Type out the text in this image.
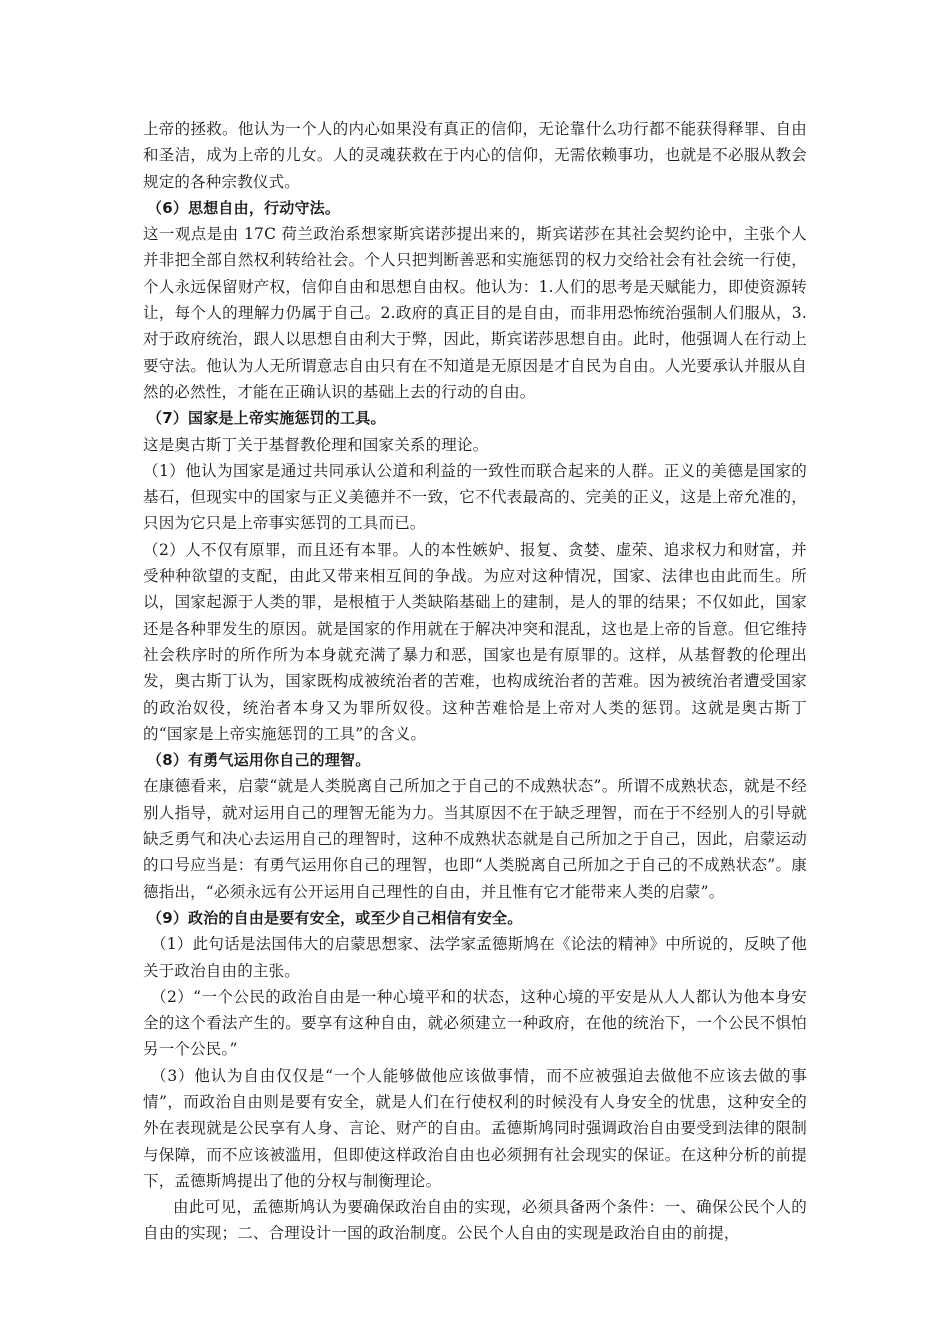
上帝的拯救。他认为一个人的内心如果没有真正的信仰，无论靠什么功行都不能获得释罪、自由和圣洁，成为上帝的儿女。人的灵魂获救在于内心的信仰，无需依赖事功，也就是不必服从教会规定的各种宗教仪式。

（6）思想自由，行动守法。

这一观点是由 17C 荷兰政治系想家斯宾诺莎提出来的，斯宾诺莎在其社会契约论中，主张个人并非把全部自然权利转给社会。个人只把判断善恶和实施惩罚的权力交给社会有社会统一行使，个人永远保留财产权，信仰自由和思想自由权。他认为：1.人们的思考是天赋能力，即使资源转让，每个人的理解力仍属于自己。2.政府的真正目的是自由，而非用恐怖统治强制人们服从，3.对于政府统治，跟人以思想自由利大于弊，因此，斯宾诺莎思想自由。此时，他强调人在行动上要守法。他认为人无所谓意志自由只有在不知道是无原因是才自民为自由。人光要承认并服从自然的必然性，才能在正确认识的基础上去的行动的自由。

（7）国家是上帝实施惩罚的工具。

这是奥古斯丁关于基督教伦理和国家关系的理论。

（1）他认为国家是通过共同承认公道和利益的一致性而联合起来的人群。正义的美德是国家的基石，但现实中的国家与正义美德并不一致，它不代表最高的、完美的正义，这是上帝允准的，只因为它只是上帝事实惩罚的工具而已。

（2）人不仅有原罪，而且还有本罪。人的本性嫉妒、报复、贪婪、虚荣、追求权力和财富，并受种种欲望的支配，由此又带来相互间的争战。为应对这种情况，国家、法律也由此而生。所以，国家起源于人类的罪，是根植于人类缺陷基础上的建制，是人的罪的结果；不仅如此，国家还是各种罪发生的原因。就是国家的作用就在于解决冲突和混乱，这也是上帝的旨意。但它维持社会秩序时的所作所为本身就充满了暴力和恶，国家也是有原罪的。这样，从基督教的伦理出发，奥古斯丁认为，国家既构成被统治者的苦难，也构成统治者的苦难。因为被统治者遭受国家的政治奴役，统治者本身又为罪所奴役。这种苦难恰是上帝对人类的惩罚。这就是奥古斯丁的“国家是上帝实施惩罚的工具”的含义。

（8）有勇气运用你自己的理智。

在康德看来，启蒙“就是人类脱离自己所加之于自己的不成熟状态”。所谓不成熟状态，就是不经别人指导，就对运用自己的理智无能为力。当其原因不在于缺乏理智，而在于不经别人的引导就缺乏勇气和决心去运用自己的理智时，这种不成熟状态就是自己所加之于自己，因此，启蒙运动的口号应当是：有勇气运用你自己的理智，也即“人类脱离自己所加之于自己的不成熟状态”。康德指出，“必须永远有公开运用自己理性的自由，并且惟有它才能带来人类的启蒙”。

（9）政治的自由是要有安全，或至少自己相信有安全。

（1）此句话是法国伟大的启蒙思想家、法学家孟德斯鸠在《论法的精神》中所说的，反映了他关于政治自由的主张。

（2）“一个公民的政治自由是一种心境平和的状态，这种心境的平安是从人人都认为他本身安全的这个看法产生的。要享有这种自由，就必须建立一种政府，在他的统治下，一个公民不惧怕另一个公民。”

（3）他认为自由仅仅是“一个人能够做他应该做事情，而不应被强迫去做他不应该去做的事情”，而政治自由则是要有安全，就是人们在行使权利的时候没有人身安全的忧患，这种安全的外在表现就是公民享有人身、言论、财产的自由。孟德斯鸠同时强调政治自由要受到法律的限制与保障，而不应该被滥用，但即使这样政治自由也必须拥有社会现实的保证。在这种分析的前提下，孟德斯鸠提出了他的分权与制衡理论。

由此可见，孟德斯鸠认为要确保政治自由的实现，必须具备两个条件：一、确保公民个人的自由的实现；二、合理设计一国的政治制度。公民个人自由的实现是政治自由的前提，
